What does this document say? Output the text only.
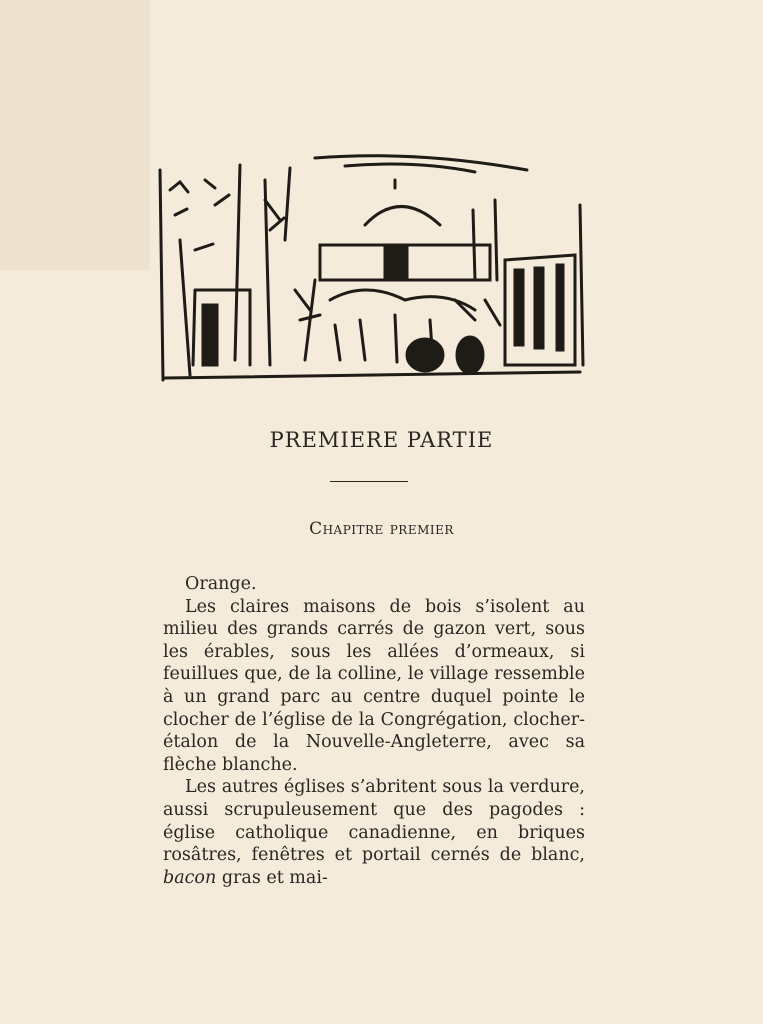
PREMIERE PARTIE
Chapitre premier

Orange.

Les claires maisons de bois s’isolent au milieu des grands carrés de gazon vert, sous les érables, sous les allées d’ormeaux, si feuillues que, de la colline, le village ressemble à un grand parc au centre duquel pointe le clocher de l’église de la Congrégation, clocher-étalon de la Nouvelle-Angleterre, avec sa flèche blanche.

Les autres églises s’abritent sous la verdure, aussi scrupuleusement que des pagodes : église catholique canadienne, en briques rosâtres, fenêtres et portail cernés de blanc, bacon gras et mai-
